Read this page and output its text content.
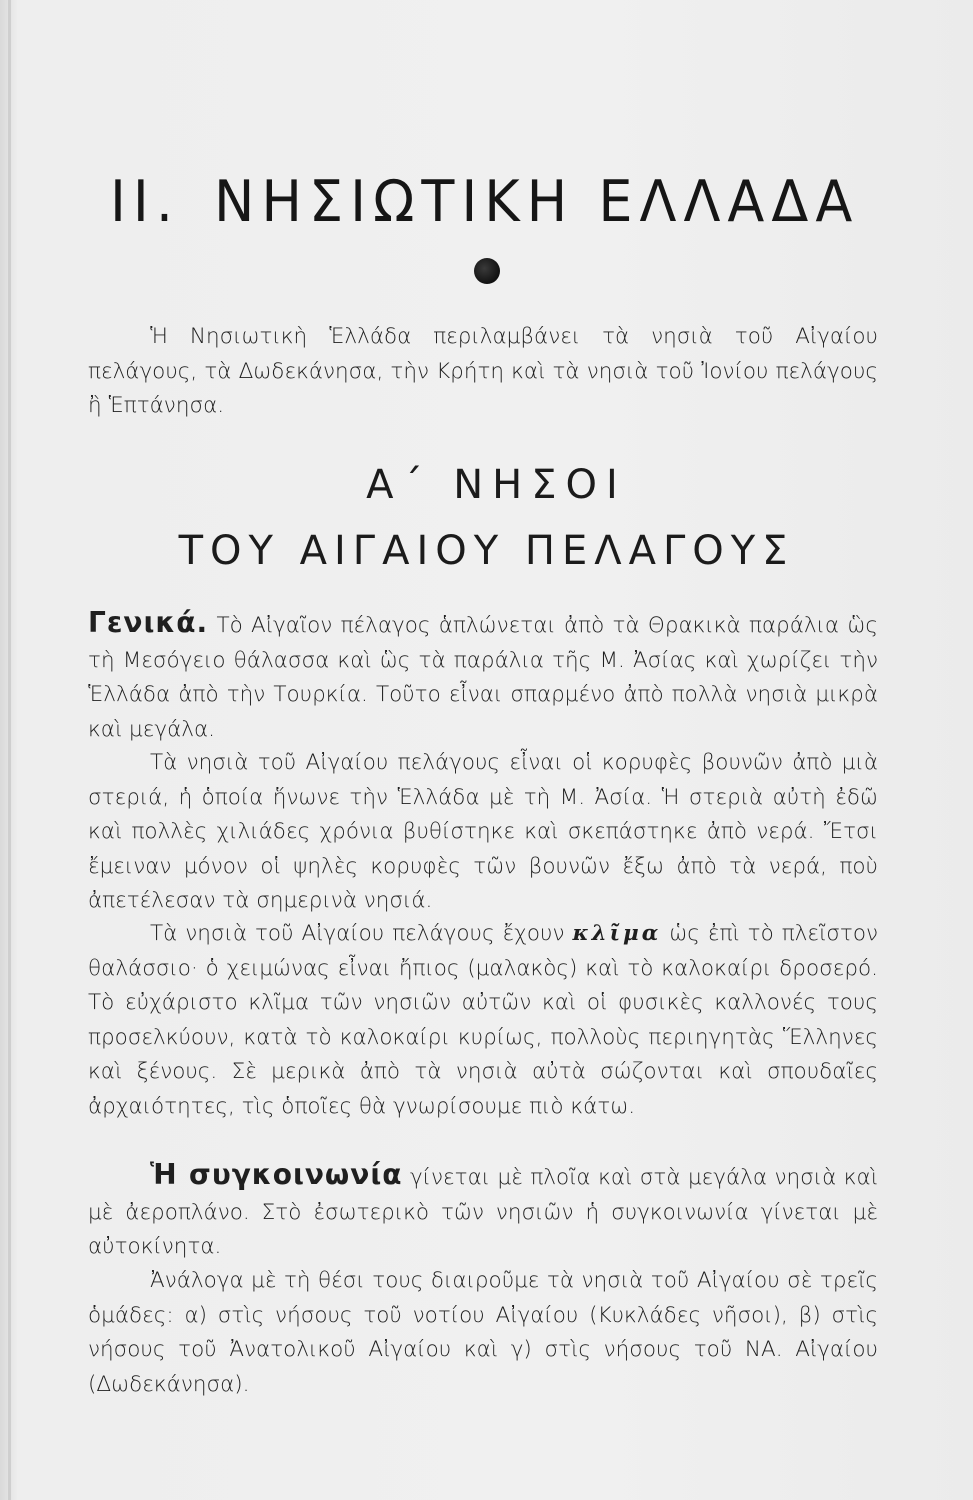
II. ΝΗΣΙΩΤΙΚΗ ΕΛΛΑΔΑ

Ἡ Νησιωτικὴ Ἑλλάδα περιλαμβάνει τὰ νησιὰ τοῦ Αἰγαίου πελάγους, τὰ Δωδεκάνησα, τὴν Κρήτη καὶ τὰ νησιὰ τοῦ Ἰονίου πελάγους ἢ Ἑπτάνησα.

Α΄ ΝΗΣΟΙ
ΤΟΥ ΑΙΓΑΙΟΥ ΠΕΛΑΓΟΥΣ

Γενικά. Τὸ Αἰγαῖον πέλαγος ἁπλώνεται ἀπὸ τὰ Θρακικὰ παράλια ὣς τὴ Μεσόγειο θάλασσα καὶ ὣς τὰ παράλια τῆς Μ. Ἀσίας καὶ χωρίζει τὴν Ἑλλάδα ἀπὸ τὴν Τουρκία. Τοῦτο εἶναι σπαρμένο ἀπὸ πολλὰ νησιὰ μικρὰ καὶ μεγάλα.

Τὰ νησιὰ τοῦ Αἰγαίου πελάγους εἶναι οἱ κορυφὲς βουνῶν ἀπὸ μιὰ στεριά, ἡ ὁποία ἥνωνε τὴν Ἑλλάδα μὲ τὴ Μ. Ἀσία. Ἡ στεριὰ αὐτὴ ἐδῶ καὶ πολλὲς χιλιάδες χρόνια βυθίστηκε καὶ σκεπάστηκε ἀπὸ νερά. Ἔτσι ἔμειναν μόνον οἱ ψηλὲς κορυφὲς τῶν βουνῶν ἔξω ἀπὸ τὰ νερά, ποὺ ἀπετέλεσαν τὰ σημερινὰ νησιά.

Τὰ νησιὰ τοῦ Αἰγαίου πελάγους ἔχουν κλῖμα ὡς ἐπὶ τὸ πλεῖστον θαλάσσιο· ὁ χειμώνας εἶναι ἤπιος (μαλακὸς) καὶ τὸ καλοκαίρι δροσερό. Τὸ εὐχάριστο κλῖμα τῶν νησιῶν αὐτῶν καὶ οἱ φυσικὲς καλλονές τους προσελκύουν, κατὰ τὸ καλοκαίρι κυρίως, πολλοὺς περιηγητὰς Ἕλληνες καὶ ξένους. Σὲ μερικὰ ἀπὸ τὰ νησιὰ αὐτὰ σώζονται καὶ σπουδαῖες ἀρχαιότητες, τὶς ὁποῖες θὰ γνωρίσουμε πιὸ κάτω.

Ἡ συγκοινωνία γίνεται μὲ πλοῖα καὶ στὰ μεγάλα νησιὰ καὶ μὲ ἀεροπλάνο. Στὸ ἐσωτερικὸ τῶν νησιῶν ἡ συγκοινωνία γίνεται μὲ αὐτοκίνητα.

Ἀνάλογα μὲ τὴ θέσι τους διαιροῦμε τὰ νησιὰ τοῦ Αἰγαίου σὲ τρεῖς ὁμάδες: α) στὶς νήσους τοῦ νοτίου Αἰγαίου (Κυκλάδες νῆσοι), β) στὶς νήσους τοῦ Ἀνατολικοῦ Αἰγαίου καὶ γ) στὶς νήσους τοῦ ΝΑ. Αἰγαίου (Δωδεκάνησα).
